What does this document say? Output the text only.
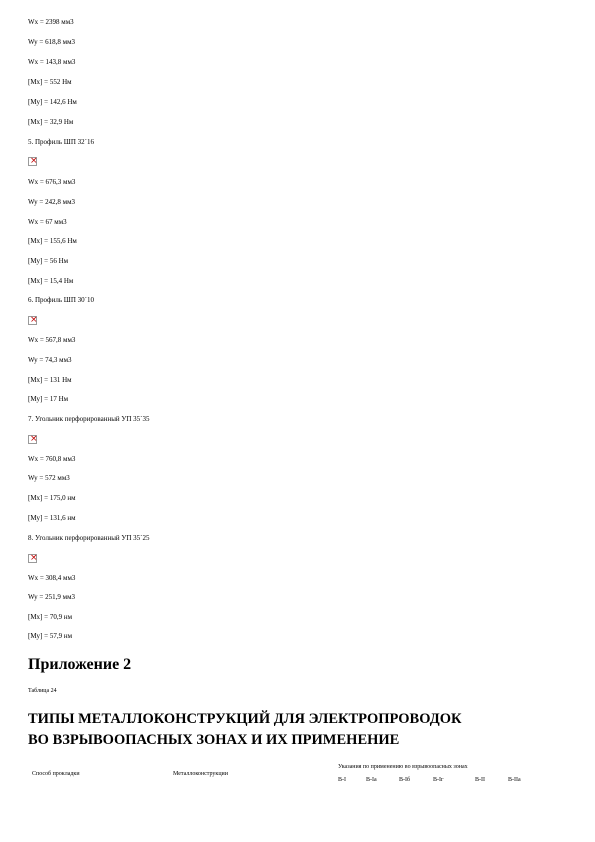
Wx = 2398 мм3
Wy = 618,8 мм3
Wx = 143,8 мм3
[Mx] = 552 Нм
[My] = 142,6 Нм
[Mx] = 32,9 Нм
5. Профиль ШП 32´16
×
Wx = 676,3 мм3
Wy = 242,8 мм3
Wx = 67 мм3
[Mx] = 155,6 Нм
[My] = 56 Нм
[Mx] = 15,4 Нм
6. Профиль ШП 30´10
×
Wx = 567,8 мм3
Wy = 74,3 мм3
[Mx] = 131 Нм
[My] = 17 Нм
7. Угольник перфорированный УП 35´35
×
Wx = 760,8 мм3
Wy = 572 мм3
[Mx] = 175,0 нм
[My] = 131,6 нм
8. Угольник перфорированный УП 35´25
×
Wx = 308,4 мм3
Wy = 251,9 мм3
[Mx] = 70,9 нм
[My] = 57,9 нм
Приложение 2
Таблица 24
ТИПЫ МЕТАЛЛОКОНСТРУКЦИЙ ДЛЯ ЭЛЕКТРОПРОВОДОК
ВО ВЗРЫВООПАСНЫХ ЗОНАХ И ИХ ПРИМЕНЕНИЕ
Способ прокладки	Металлоконструкции
Указания по применению во взрывоопасных зонах
В-I	В-Iа	В-Iб	В-Iг	В-II	В-IIа
